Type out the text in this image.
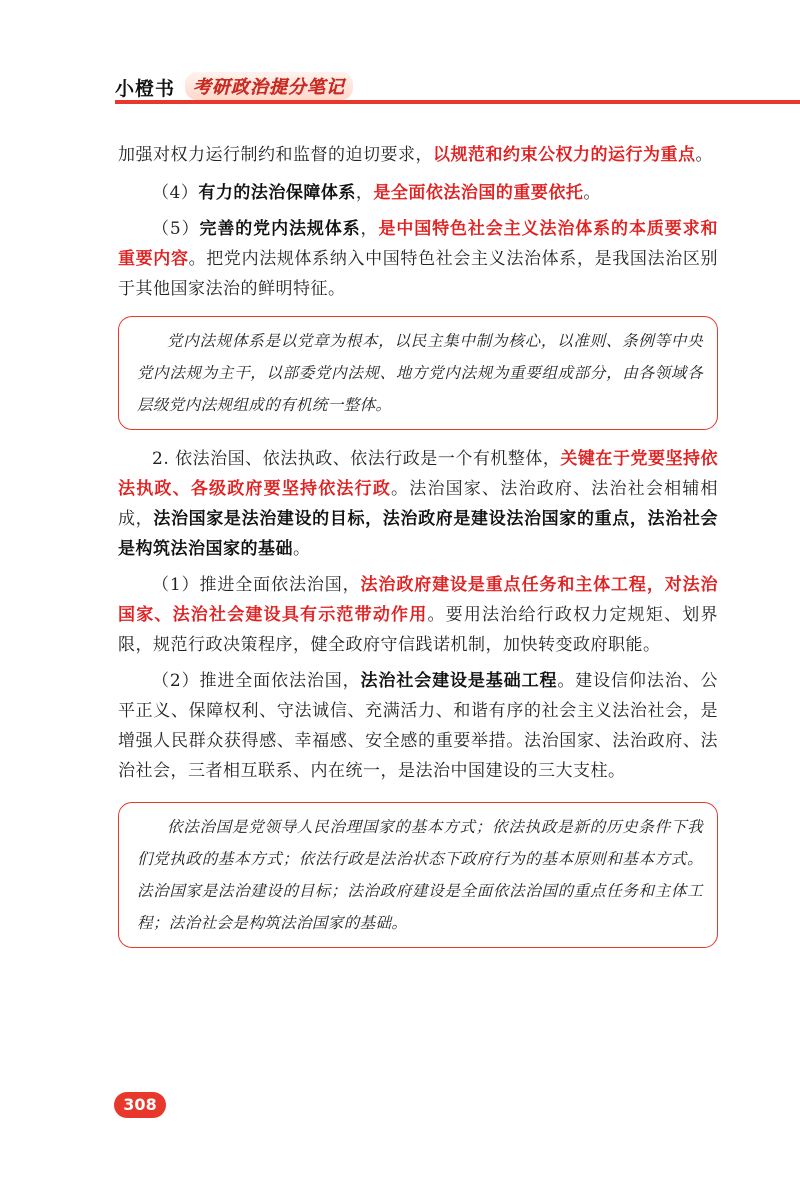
小橙书 考研政治提分笔记

加强对权力运行制约和监督的迫切要求，以规范和约束公权力的运行为重点。

（4）有力的法治保障体系，是全面依法治国的重要依托。

（5）完善的党内法规体系，是中国特色社会主义法治体系的本质要求和重要内容。把党内法规体系纳入中国特色社会主义法治体系，是我国法治区别于其他国家法治的鲜明特征。

党内法规体系是以党章为根本，以民主集中制为核心，以准则、条例等中央党内法规为主干，以部委党内法规、地方党内法规为重要组成部分，由各领域各层级党内法规组成的有机统一整体。

2. 依法治国、依法执政、依法行政是一个有机整体，关键在于党要坚持依法执政、各级政府要坚持依法行政。法治国家、法治政府、法治社会相辅相成，法治国家是法治建设的目标，法治政府是建设法治国家的重点，法治社会是构筑法治国家的基础。

（1）推进全面依法治国，法治政府建设是重点任务和主体工程，对法治国家、法治社会建设具有示范带动作用。要用法治给行政权力定规矩、划界限，规范行政决策程序，健全政府守信践诺机制，加快转变政府职能。

（2）推进全面依法治国，法治社会建设是基础工程。建设信仰法治、公平正义、保障权利、守法诚信、充满活力、和谐有序的社会主义法治社会，是增强人民群众获得感、幸福感、安全感的重要举措。法治国家、法治政府、法治社会，三者相互联系、内在统一，是法治中国建设的三大支柱。

依法治国是党领导人民治理国家的基本方式；依法执政是新的历史条件下我们党执政的基本方式；依法行政是法治状态下政府行为的基本原则和基本方式。法治国家是法治建设的目标；法治政府建设是全面依法治国的重点任务和主体工程；法治社会是构筑法治国家的基础。
308
